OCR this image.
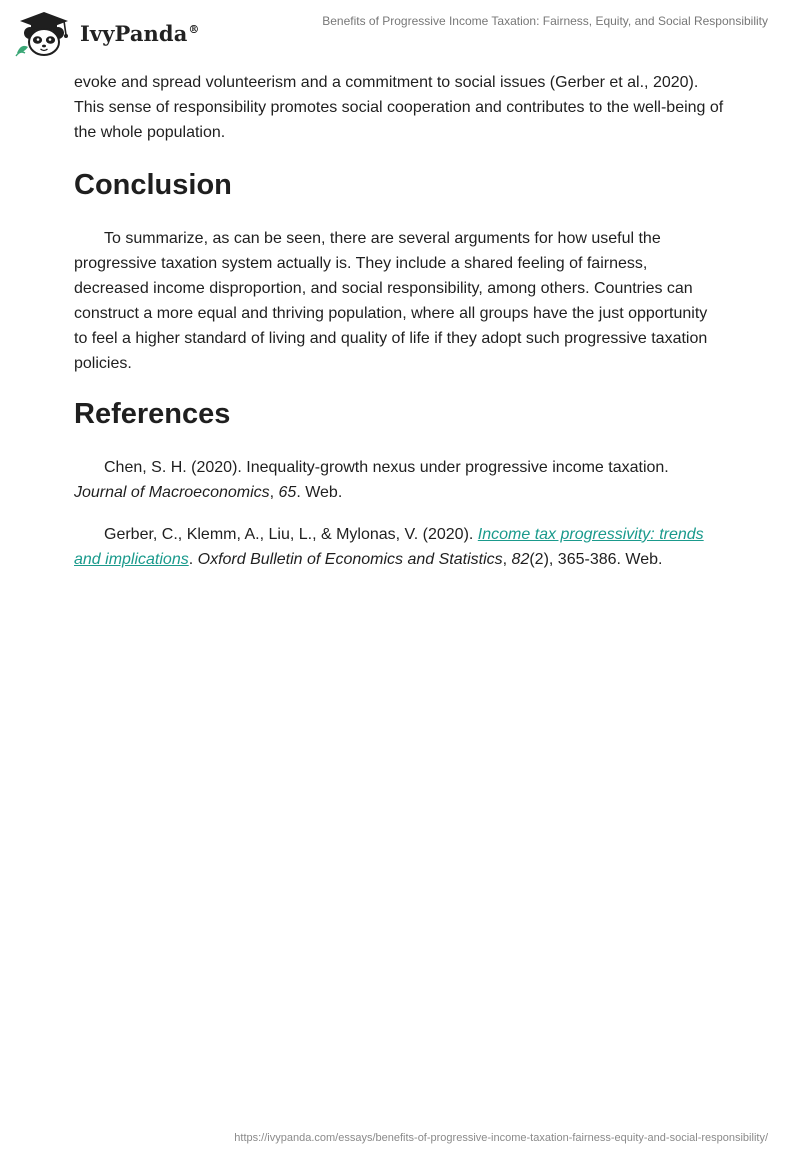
IvyPanda®
Benefits of Progressive Income Taxation: Fairness, Equity, and Social Responsibility

evoke and spread volunteerism and a commitment to social issues (Gerber et al., 2020). This sense of responsibility promotes social cooperation and contributes to the well-being of the whole population.

Conclusion

To summarize, as can be seen, there are several arguments for how useful the progressive taxation system actually is. They include a shared feeling of fairness, decreased income disproportion, and social responsibility, among others. Countries can construct a more equal and thriving population, where all groups have the just opportunity to feel a higher standard of living and quality of life if they adopt such progressive taxation policies.

References

Chen, S. H. (2020). Inequality-growth nexus under progressive income taxation. Journal of Macroeconomics, 65. Web.

Gerber, C., Klemm, A., Liu, L., & Mylonas, V. (2020). Income tax progressivity: trends and implications. Oxford Bulletin of Economics and Statistics, 82(2), 365-386. Web.

https://ivypanda.com/essays/benefits-of-progressive-income-taxation-fairness-equity-and-social-responsibility/
